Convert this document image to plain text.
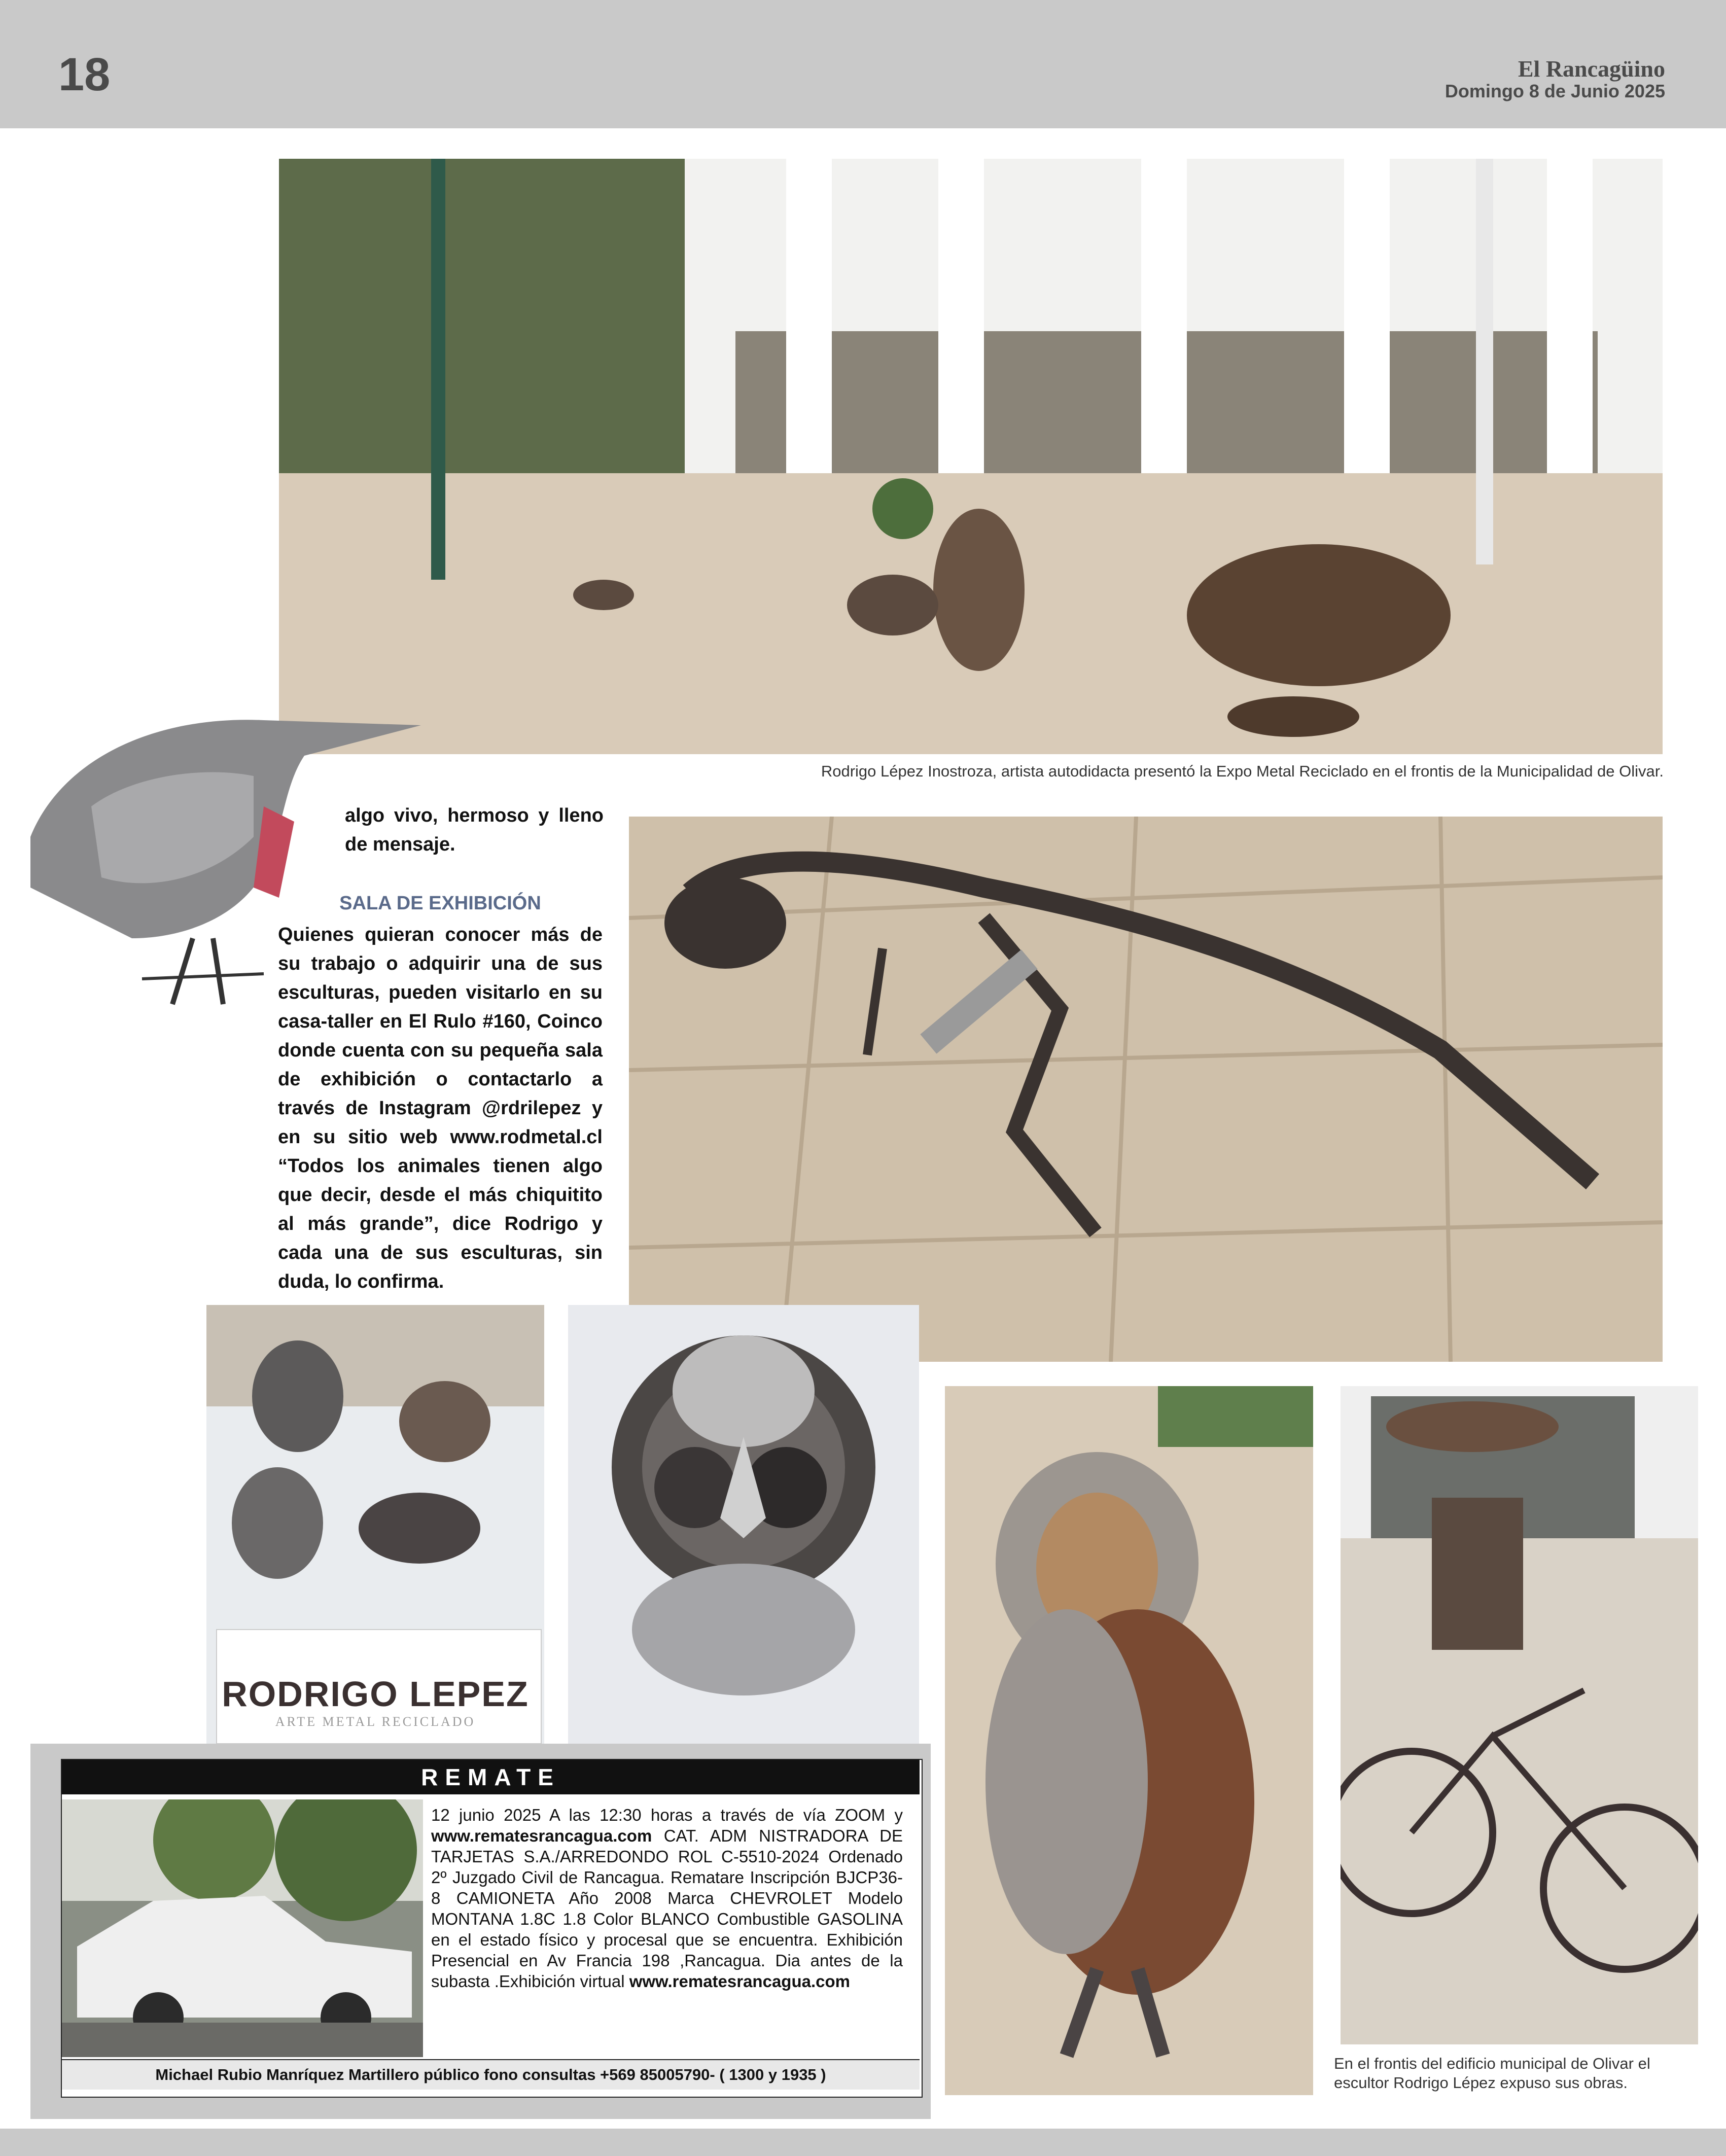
18	El Rancagüino
Domingo 8 de Junio 2025
Rodrigo Lépez Inostroza, artista autodidacta presentó la Expo Metal Reciclado en el frontis de la Municipalidad de Olivar.
algo vivo, hermoso y lleno de mensaje.
SALA DE EXHIBICIÓN
Quienes quieran conocer más de su trabajo o adquirir una de sus esculturas, pueden visitarlo en su casa-taller en El Rulo #160, Coinco donde cuenta con su pequeña sala de exhibición o contactarlo a través de Instagram @rdrilepez y en su sitio web www.rodmetal.cl “Todos los animales tienen algo que decir, desde el más chiquitito al más grande”, dice Rodrigo y cada una de sus esculturas, sin duda, lo confirma.
RODRIGO LEPEZ
ARTE METAL RECICLADO
En el frontis del edificio municipal de Olivar el escultor Rodrigo Lépez expuso sus obras.
REMATE
12 junio 2025 A las 12:30 horas a través de vía ZOOM y www.rematesrancagua.com CAT. ADM NISTRADORA DE TARJETAS S.A./ARREDONDO ROL C-5510-2024 Ordenado 2º Juzgado Civil de Rancagua. Rematare Inscripción BJCP36-8 CAMIONETA Año 2008 Marca CHEVROLET Modelo MONTANA 1.8C 1.8 Color BLANCO Combustible GASOLINA en el estado físico y procesal que se encuentra. Exhibición Presencial en Av Francia 198 ,Rancagua. Dia antes de la subasta .Exhibición virtual www.rematesrancagua.com
Michael Rubio Manríquez Martillero público fono consultas +569 85005790- ( 1300 y 1935 )
